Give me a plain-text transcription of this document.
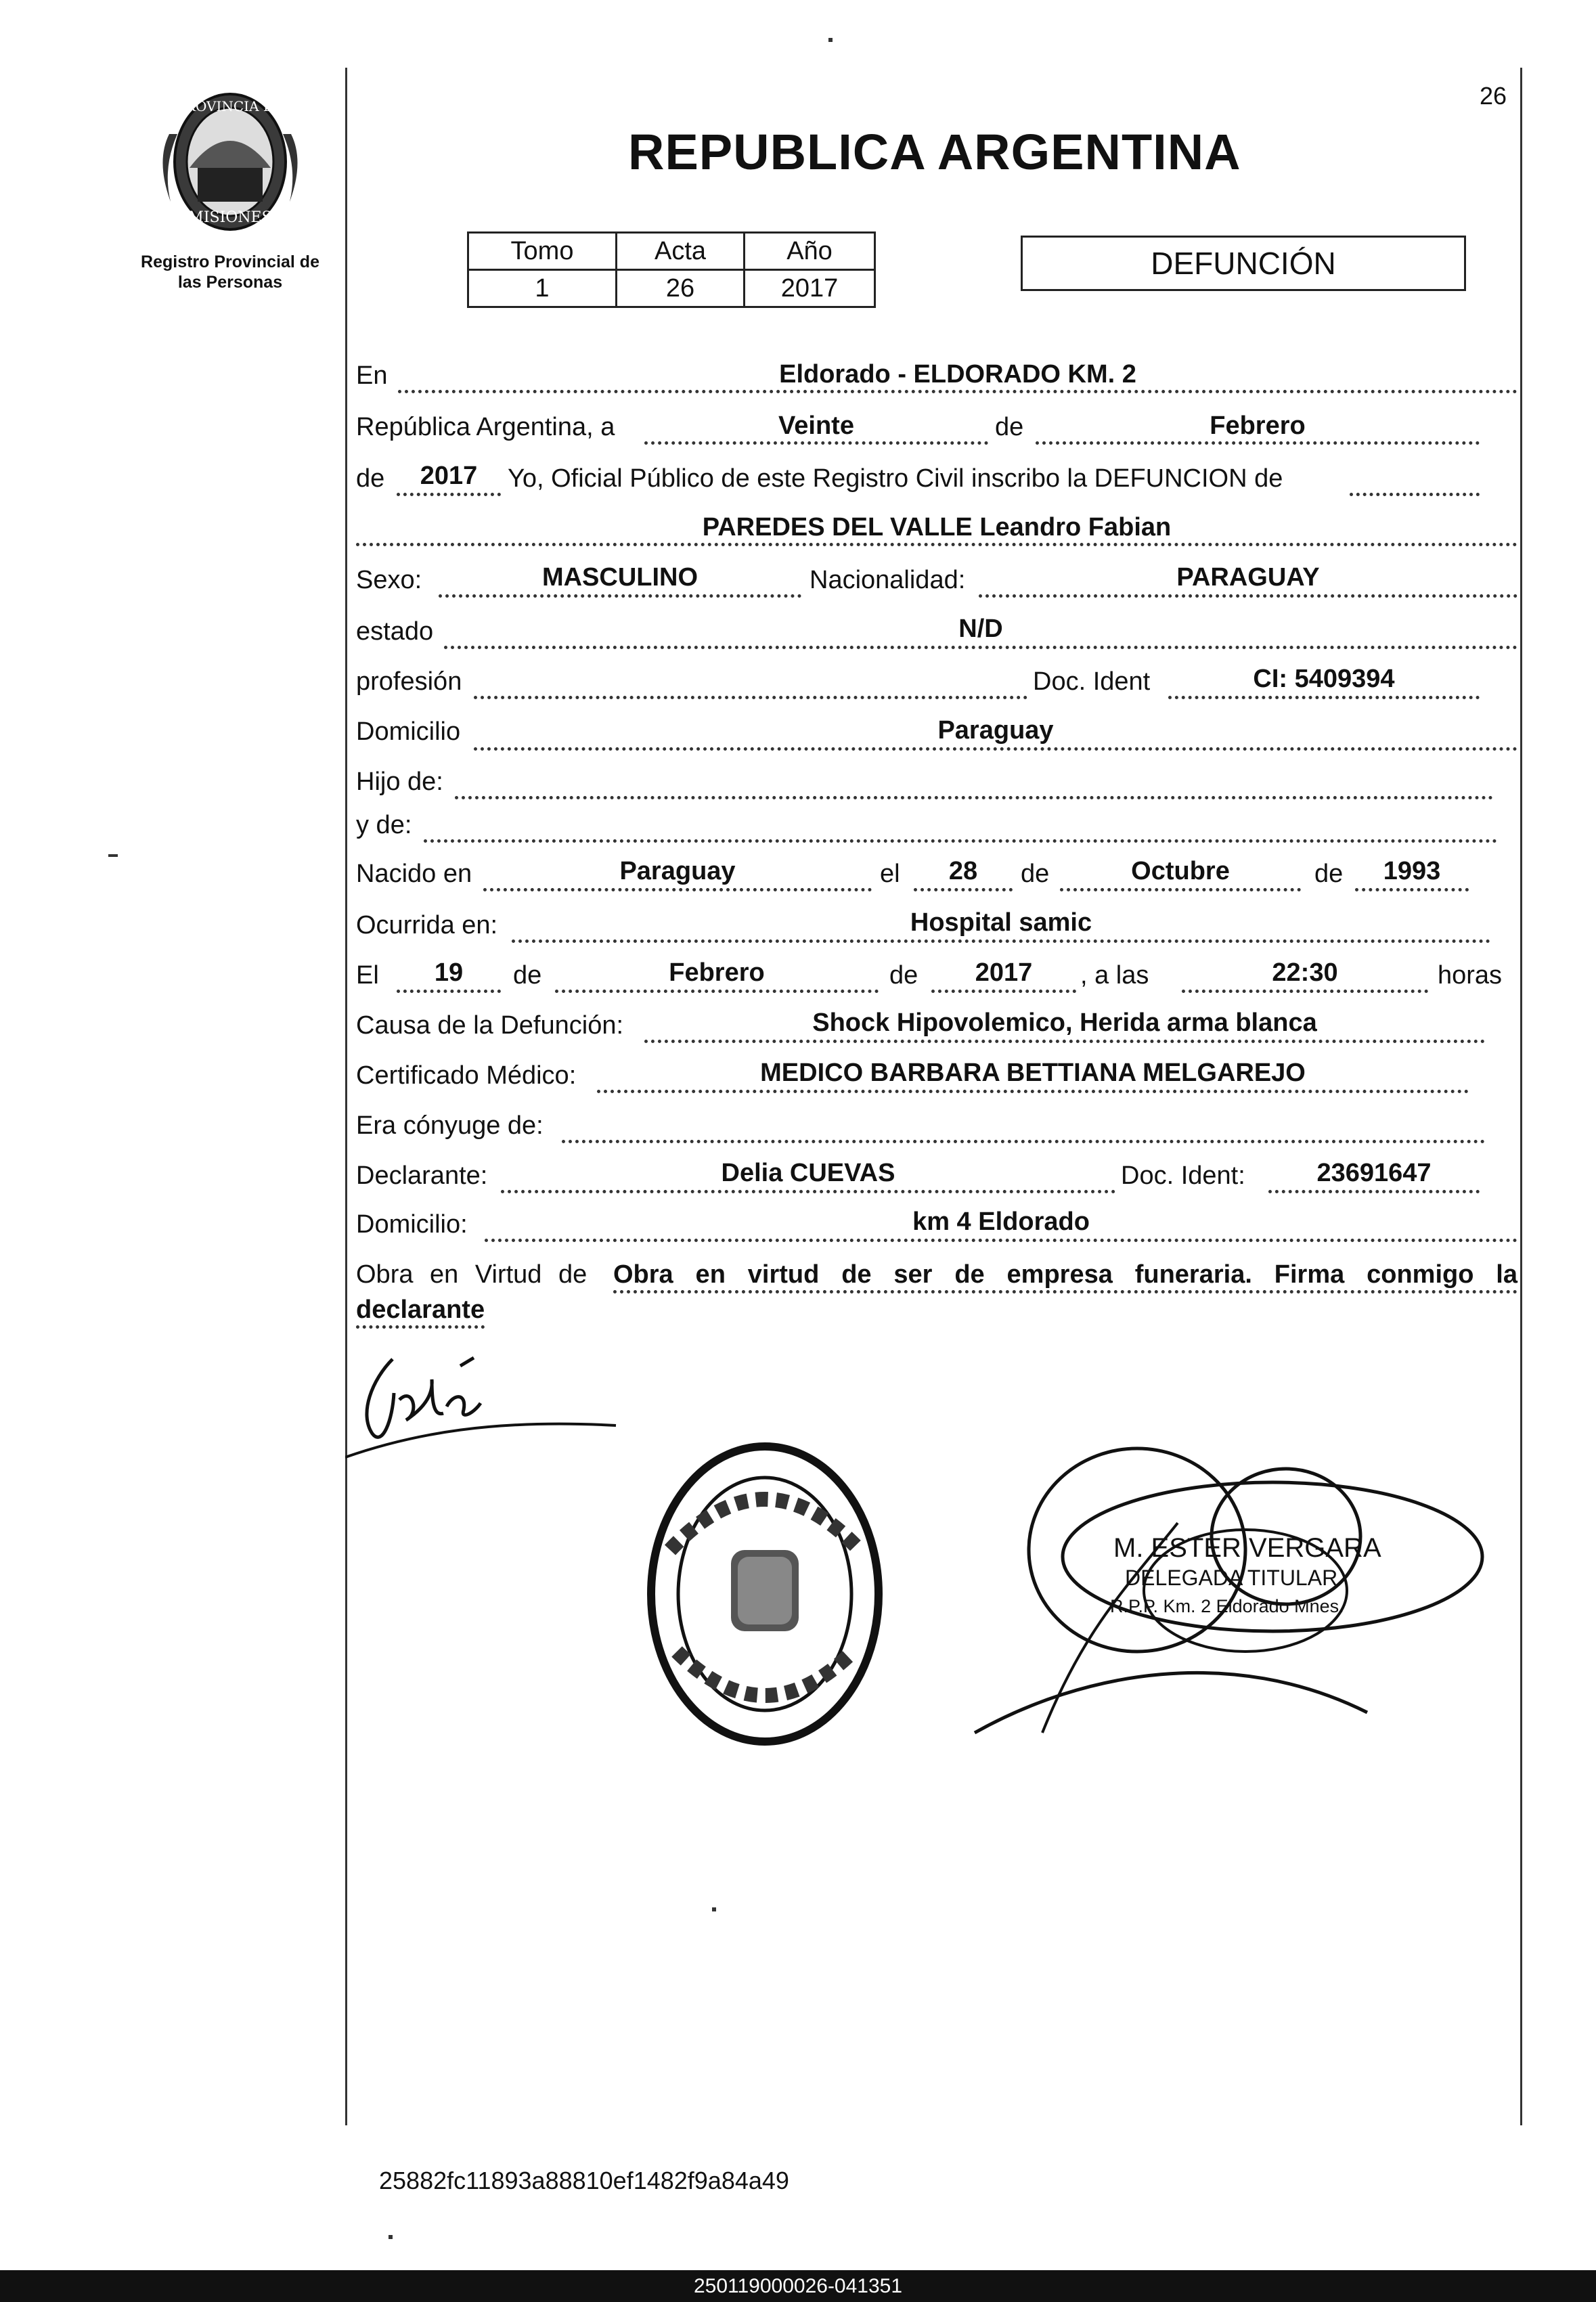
26
PROVINCIA DE
MISIONES
Registro Provincial de
las Personas
REPUBLICA ARGENTINA
Tomo	Acta	Año
1	26	2017
DEFUNCIÓN
En	Eldorado - ELDORADO KM. 2
República Argentina, a	Veinte	de	Febrero
de	2017	Yo, Oficial Público de este Registro Civil inscribo la DEFUNCION de
PAREDES DEL VALLE Leandro Fabian
Sexo:	MASCULINO	Nacionalidad:	PARAGUAY
estado	N/D
profesión	Doc. Ident	CI: 5409394
Domicilio	Paraguay
Hijo de:
y de:
Nacido en	Paraguay	el	28	de	Octubre	de	1993
Ocurrida en:	Hospital samic
El	19	de	Febrero	de	2017	, a las	22:30	horas
Causa de la Defunción:	Shock Hipovolemico, Herida arma blanca
Certificado Médico:	MEDICO BARBARA BETTIANA MELGAREJO
Era cónyuge de:
Declarante:	Delia CUEVAS	Doc. Ident:	23691647
Domicilio:	km 4 Eldorado
Obra en Virtud de Obra en virtud de ser de empresa funeraria. Firma conmigo la
declarante
M. ESTER VERGARA
DELEGADA TITULAR
R.P.P. Km. 2 Eldorado Mnes.
25882fc11893a88810ef1482f9a84a49
250119000026-041351
